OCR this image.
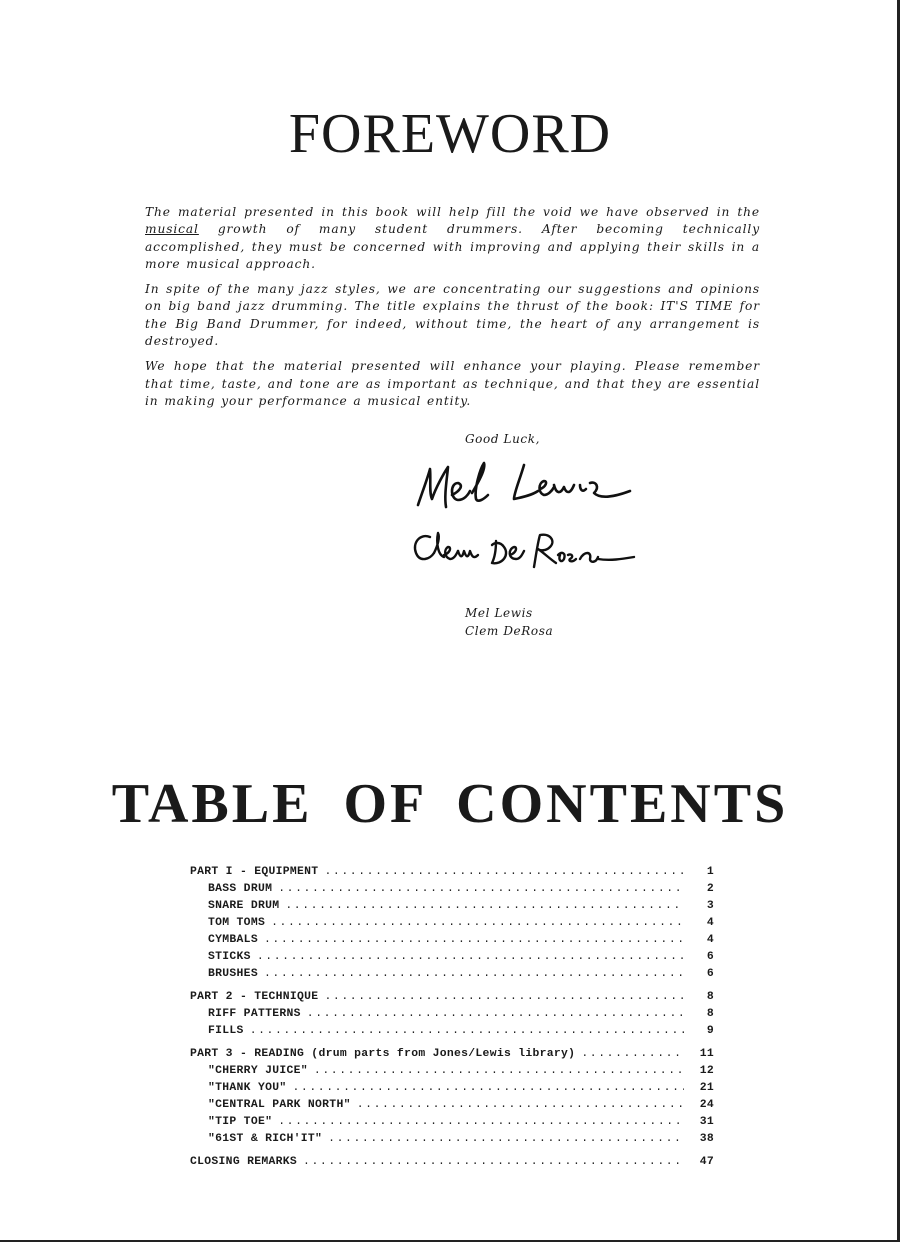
FOREWORD

The material presented in this book will help fill the void we have observed in the musical growth of many student drummers. After becoming technically accomplished, they must be concerned with improving and applying their skills in a more musical approach.

In spite of the many jazz styles, we are concentrating our suggestions and opinions on big band jazz drumming. The title explains the thrust of the book: IT'S TIME for the Big Band Drummer, for indeed, without time, the heart of any arrangement is destroyed.

We hope that the material presented will enhance your playing. Please remember that time, taste, and tone are as important as technique, and that they are essential in making your performance a musical entity.

Good Luck,
Mel Lewis
Clem DeRosa
TABLE OF CONTENTS
PART I - EQUIPMENT .....	1
BASS DRUM .....	2
SNARE DRUM .....	3
TOM TOMS .....	4
CYMBALS .....	4
STICKS .....	6
BRUSHES .....	6
PART 2 - TECHNIQUE .....	8
RIFF PATTERNS .....	8
FILLS .....	9
PART 3 - READING (drum parts from Jones/Lewis library) .....	11
"CHERRY JUICE" .....	12
"THANK YOU" .....	21
"CENTRAL PARK NORTH" .....	24
"TIP TOE" .....	31
"61ST & RICH'IT" .....	38
CLOSING REMARKS .....	47
